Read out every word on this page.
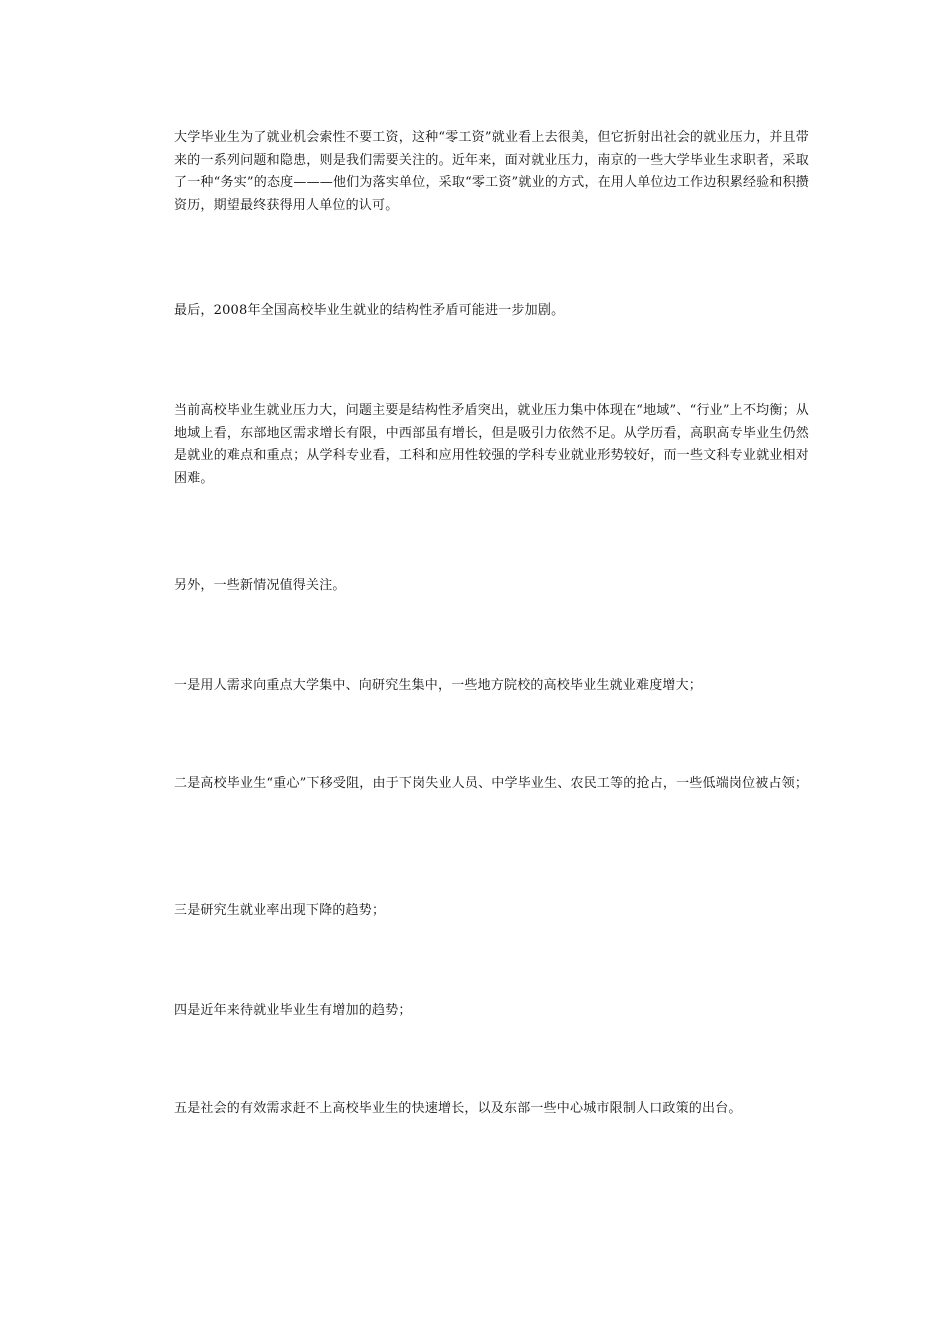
大学毕业生为了就业机会索性不要工资，这种“零工资”就业看上去很美，但它折射出社会的就业压力，并且带来的一系列问题和隐患，则是我们需要关注的。近年来，面对就业压力，南京的一些大学毕业生求职者，采取了一种“务实”的态度———他们为落实单位，采取“零工资”就业的方式，在用人单位边工作边积累经验和积攒资历，期望最终获得用人单位的认可。

最后，2008年全国高校毕业生就业的结构性矛盾可能进一步加剧。

当前高校毕业生就业压力大，问题主要是结构性矛盾突出，就业压力集中体现在“地域”、“行业”上不均衡；从地域上看，东部地区需求增长有限，中西部虽有增长，但是吸引力依然不足。从学历看，高职高专毕业生仍然是就业的难点和重点；从学科专业看，工科和应用性较强的学科专业就业形势较好，而一些文科专业就业相对困难。

另外，一些新情况值得关注。

一是用人需求向重点大学集中、向研究生集中，一些地方院校的高校毕业生就业难度增大；

二是高校毕业生“重心”下移受阻，由于下岗失业人员、中学毕业生、农民工等的抢占，一些低端岗位被占领；

三是研究生就业率出现下降的趋势；

四是近年来待就业毕业生有增加的趋势；

五是社会的有效需求赶不上高校毕业生的快速增长，以及东部一些中心城市限制人口政策的出台。
